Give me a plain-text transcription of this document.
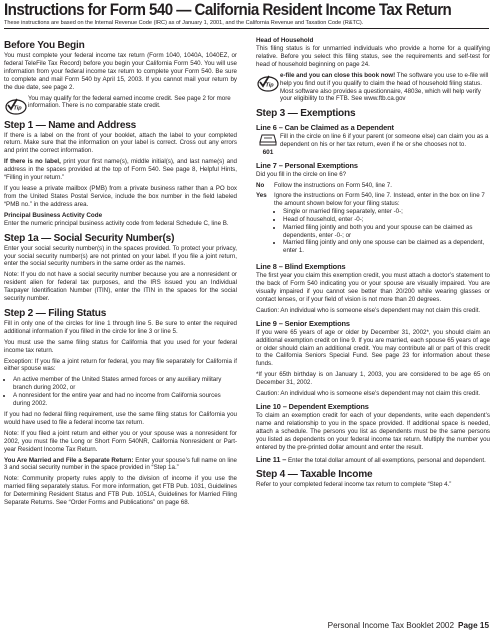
Instructions for Form 540 — California Resident Income Tax Return
These instructions are based on the Internal Revenue Code (IRC) as of January 1, 2001, and the California Revenue and Taxation Code (R&TC).
Before You Begin

You must complete your federal income tax return (Form 1040, 1040A, 1040EZ, or federal TeleFile Tax Record) before you begin your California Form 540. You will use information from your federal income tax return to complete your Form 540. Be sure to complete and mail Form 540 by April 15, 2003. If you cannot mail your return by the due date, see page 2.

Tip
You may qualify for the federal earned income credit. See page 2 for more information. There is no comparable state credit.
Step 1 — Name and Address

If there is a label on the front of your booklet, attach the label to your completed return. Make sure that the information on your label is correct. Cross out any errors and print the correct information.

If there is no label, print your first name(s), middle initial(s), and last name(s) and address in the spaces provided at the top of Form 540. See page 8, Helpful Hints, “Filling in your return.”

If you lease a private mailbox (PMB) from a private business rather than a PO box from the United States Postal Service, include the box number in the field labeled “PMB no.” in the address area.

Principal Business Activity Code

Enter the numeric principal business activity code from federal Schedule C, line B.

Step 1a — Social Security Number(s)

Enter your social security number(s) in the spaces provided. To protect your privacy, your social security number(s) are not printed on your label. If you file a joint return, enter the social security numbers in the same order as the names.

Note: If you do not have a social security number because you are a nonresident or resident alien for federal tax purposes, and the IRS issued you an Individual Taxpayer Identification Number (ITIN), enter the ITIN in the spaces for the social security number.

Step 2 — Filing Status

Fill in only one of the circles for line 1 through line 5. Be sure to enter the required additional information if you filled in the circle for line 3 or line 5.

You must use the same filing status for California that you used for your federal income tax return.

Exception: If you file a joint return for federal, you may file separately for California if either spouse was:

• An active member of the United States armed forces or any auxiliary military branch during 2002, or
• A nonresident for the entire year and had no income from California sources during 2002.

If you had no federal filing requirement, use the same filing status for California you would have used to file a federal income tax return.

Note: If you filed a joint return and either you or your spouse was a nonresident for 2002, you must file the Long or Short Form 540NR, California Nonresident or Part-year Resident Income Tax Return.

You Are Married and File a Separate Return: Enter your spouse’s full name on line 3 and social security number in the space provided in “Step 1a.”

Note: Community property rules apply to the division of income if you use the married filing separately status. For more information, get FTB Pub. 1031, Guidelines for Determining Resident Status and FTB Pub. 1051A, Guidelines for Married Filing Separate Returns. See “Order Forms and Publications” on page 68.

Head of Household

This filing status is for unmarried individuals who provide a home for a qualifying relative. Before you select this filing status, see the requirements and self-test for head of household beginning on page 24.

Tip
e-file and you can close this book now! The software you use to e-file will help you find out if you qualify to claim the head of household filing status. Most software also provides a questionnaire, 4803e, which will help verify your eligibility to the FTB. See www.ftb.ca.gov
Step 3 — Exemptions
Line 6 – Can be Claimed as a Dependent
601
Fill in the circle on line 6 if your parent (or someone else) can claim you as a dependent on his or her tax return, even if he or she chooses not to.
Line 7 – Personal Exemptions

Did you fill in the circle on line 6?

No	Follow the instructions on Form 540, line 7.
Yes	Ignore the instructions on Form 540, line 7. Instead, enter in the box on line 7 the amount shown below for your filing status:
• Single or married filing separately, enter -0-;
• Head of household, enter -0-;
• Married filing jointly and both you and your spouse can be claimed as dependents, enter -0-; or
• Married filing jointly and only one spouse can be claimed as a dependent, enter 1.
Line 8 – Blind Exemptions

The first year you claim this exemption credit, you must attach a doctor’s statement to the back of Form 540 indicating you or your spouse are visually impaired. You are visually impaired if you cannot see better than 20/200 while wearing glasses or contact lenses, or if your field of vision is not more than 20 degrees.

Caution: An individual who is someone else’s dependent may not claim this credit.

Line 9 – Senior Exemptions

If you were 65 years of age or older by December 31, 2002*, you should claim an additional exemption credit on line 9. If you are married, each spouse 65 years of age or older should claim an additional credit. You may contribute all or part of this credit to the California Seniors Special Fund. See page 23 for information about these funds.

*If your 65th birthday is on January 1, 2003, you are considered to be age 65 on December 31, 2002.

Caution: An individual who is someone else’s dependent may not claim this credit.

Line 10 – Dependent Exemptions

To claim an exemption credit for each of your dependents, write each dependent’s name and relationship to you in the space provided. If additional space is needed, attach a schedule. The persons you list as dependents must be the same persons you listed as dependents on your federal income tax return. Multiply the number you entered by the pre-printed dollar amount and enter the result.

Line 11 – Enter the total dollar amount of all exemptions, personal and dependent.

Step 4 — Taxable Income

Refer to your completed federal income tax return to complete “Step 4.”

Personal Income Tax Booklet 2002 Page 15
